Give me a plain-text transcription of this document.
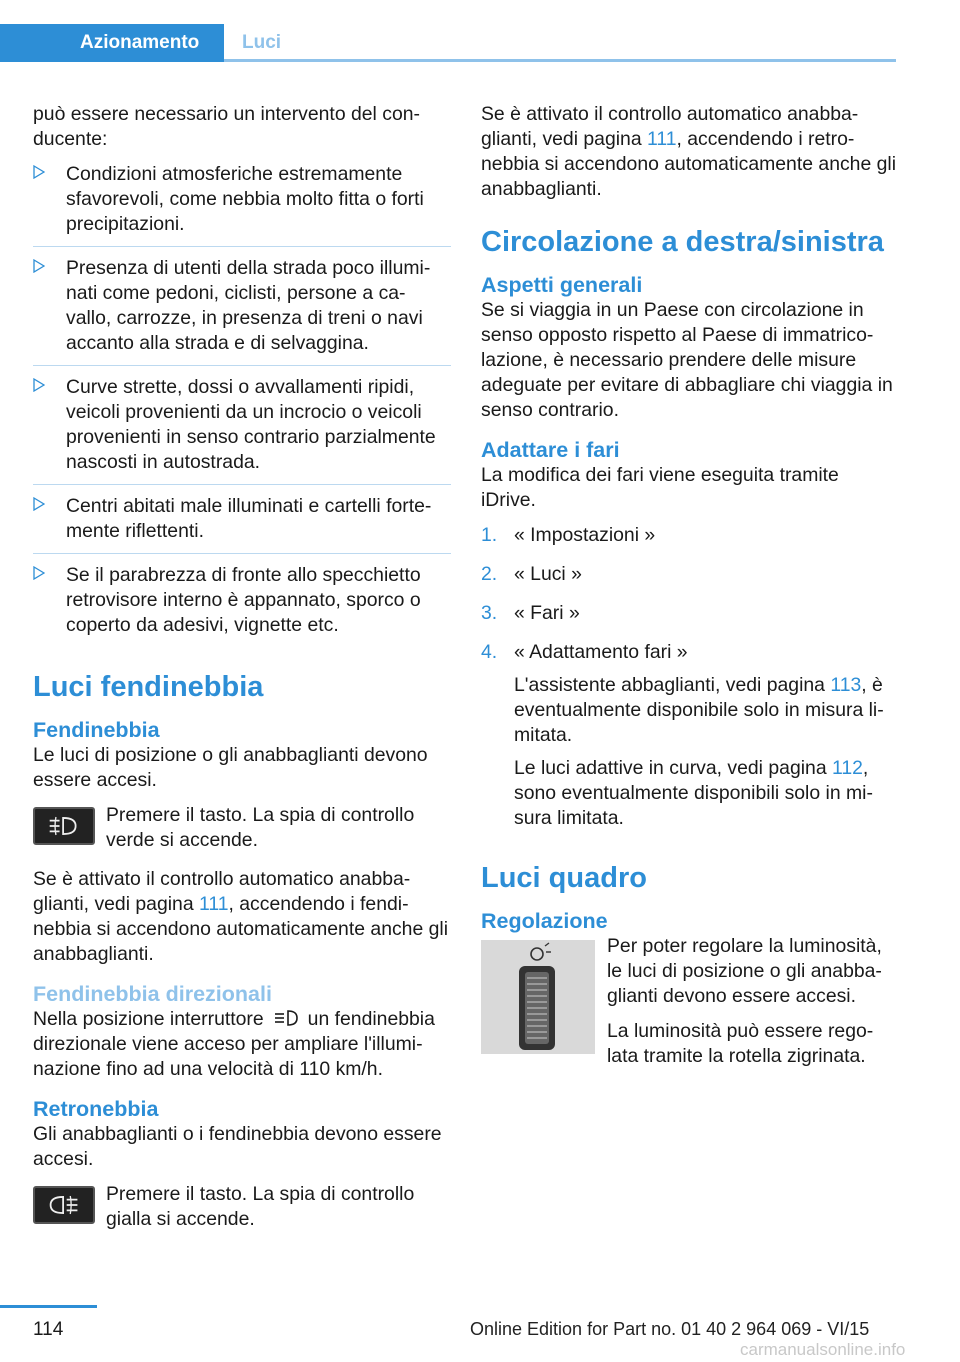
Azionamento	Luci

può essere necessario un intervento del con‐ ducente:

Condizioni atmosferiche estremamente sfavorevoli, come nebbia molto fitta o forti precipitazioni.
Presenza di utenti della strada poco illumi‐ nati come pedoni, ciclisti, persone a ca‐ vallo, carrozze, in presenza di treni o navi accanto alla strada e di selvaggina.
Curve strette, dossi o avvallamenti ripidi, veicoli provenienti da un incrocio o veicoli provenienti in senso contrario parzialmente nascosti in autostrada.
Centri abitati male illuminati e cartelli forte‐ mente riflettenti.
Se il parabrezza di fronte allo specchietto retrovisore interno è appannato, sporco o coperto da adesivi, vignette etc.
Luci fendinebbia
Fendinebbia

Le luci di posizione o gli anabbaglianti devono essere accesi.

Premere il tasto. La spia di controllo verde si accende.

Se è attivato il controllo automatico anabba‐ glianti, vedi pagina 111, accendendo i fendi‐ nebbia si accendono automaticamente anche gli anabbaglianti.

Fendinebbia direzionali

Nella posizione interruttore un fendinebbia direzionale viene acceso per ampliare l'illumi‐ nazione fino ad una velocità di 110 km/h.

Retronebbia

Gli anabbaglianti o i fendinebbia devono essere accesi.

Premere il tasto. La spia di controllo gialla si accende.

Se è attivato il controllo automatico anabba‐ glianti, vedi pagina 111, accendendo i retro‐ nebbia si accendono automaticamente anche gli anabbaglianti.

Circolazione a destra/sinistra
Aspetti generali

Se si viaggia in un Paese con circolazione in senso opposto rispetto al Paese di immatrico‐ lazione, è necessario prendere delle misure adeguate per evitare di abbagliare chi viaggia in senso contrario.

Adattare i fari

La modifica dei fari viene eseguita tramite iDrive.

1. « Impostazioni »
2. « Luci »
3. « Fari »
4. « Adattamento fari »
L'assistente abbaglianti, vedi pagina 113, è eventualmente disponibile solo in misura li‐ mitata.
Le luci adattive in curva, vedi pagina 112, sono eventualmente disponibili solo in mi‐ sura limitata.
Luci quadro
Regolazione

Per poter regolare la luminosità, le luci di posizione o gli anabba‐ glianti devono essere accesi.

La luminosità può essere rego‐ lata tramite la rotella zigrinata.

114	Online Edition for Part no. 01 40 2 964 069 - VI/15
carmanualsonline.info
